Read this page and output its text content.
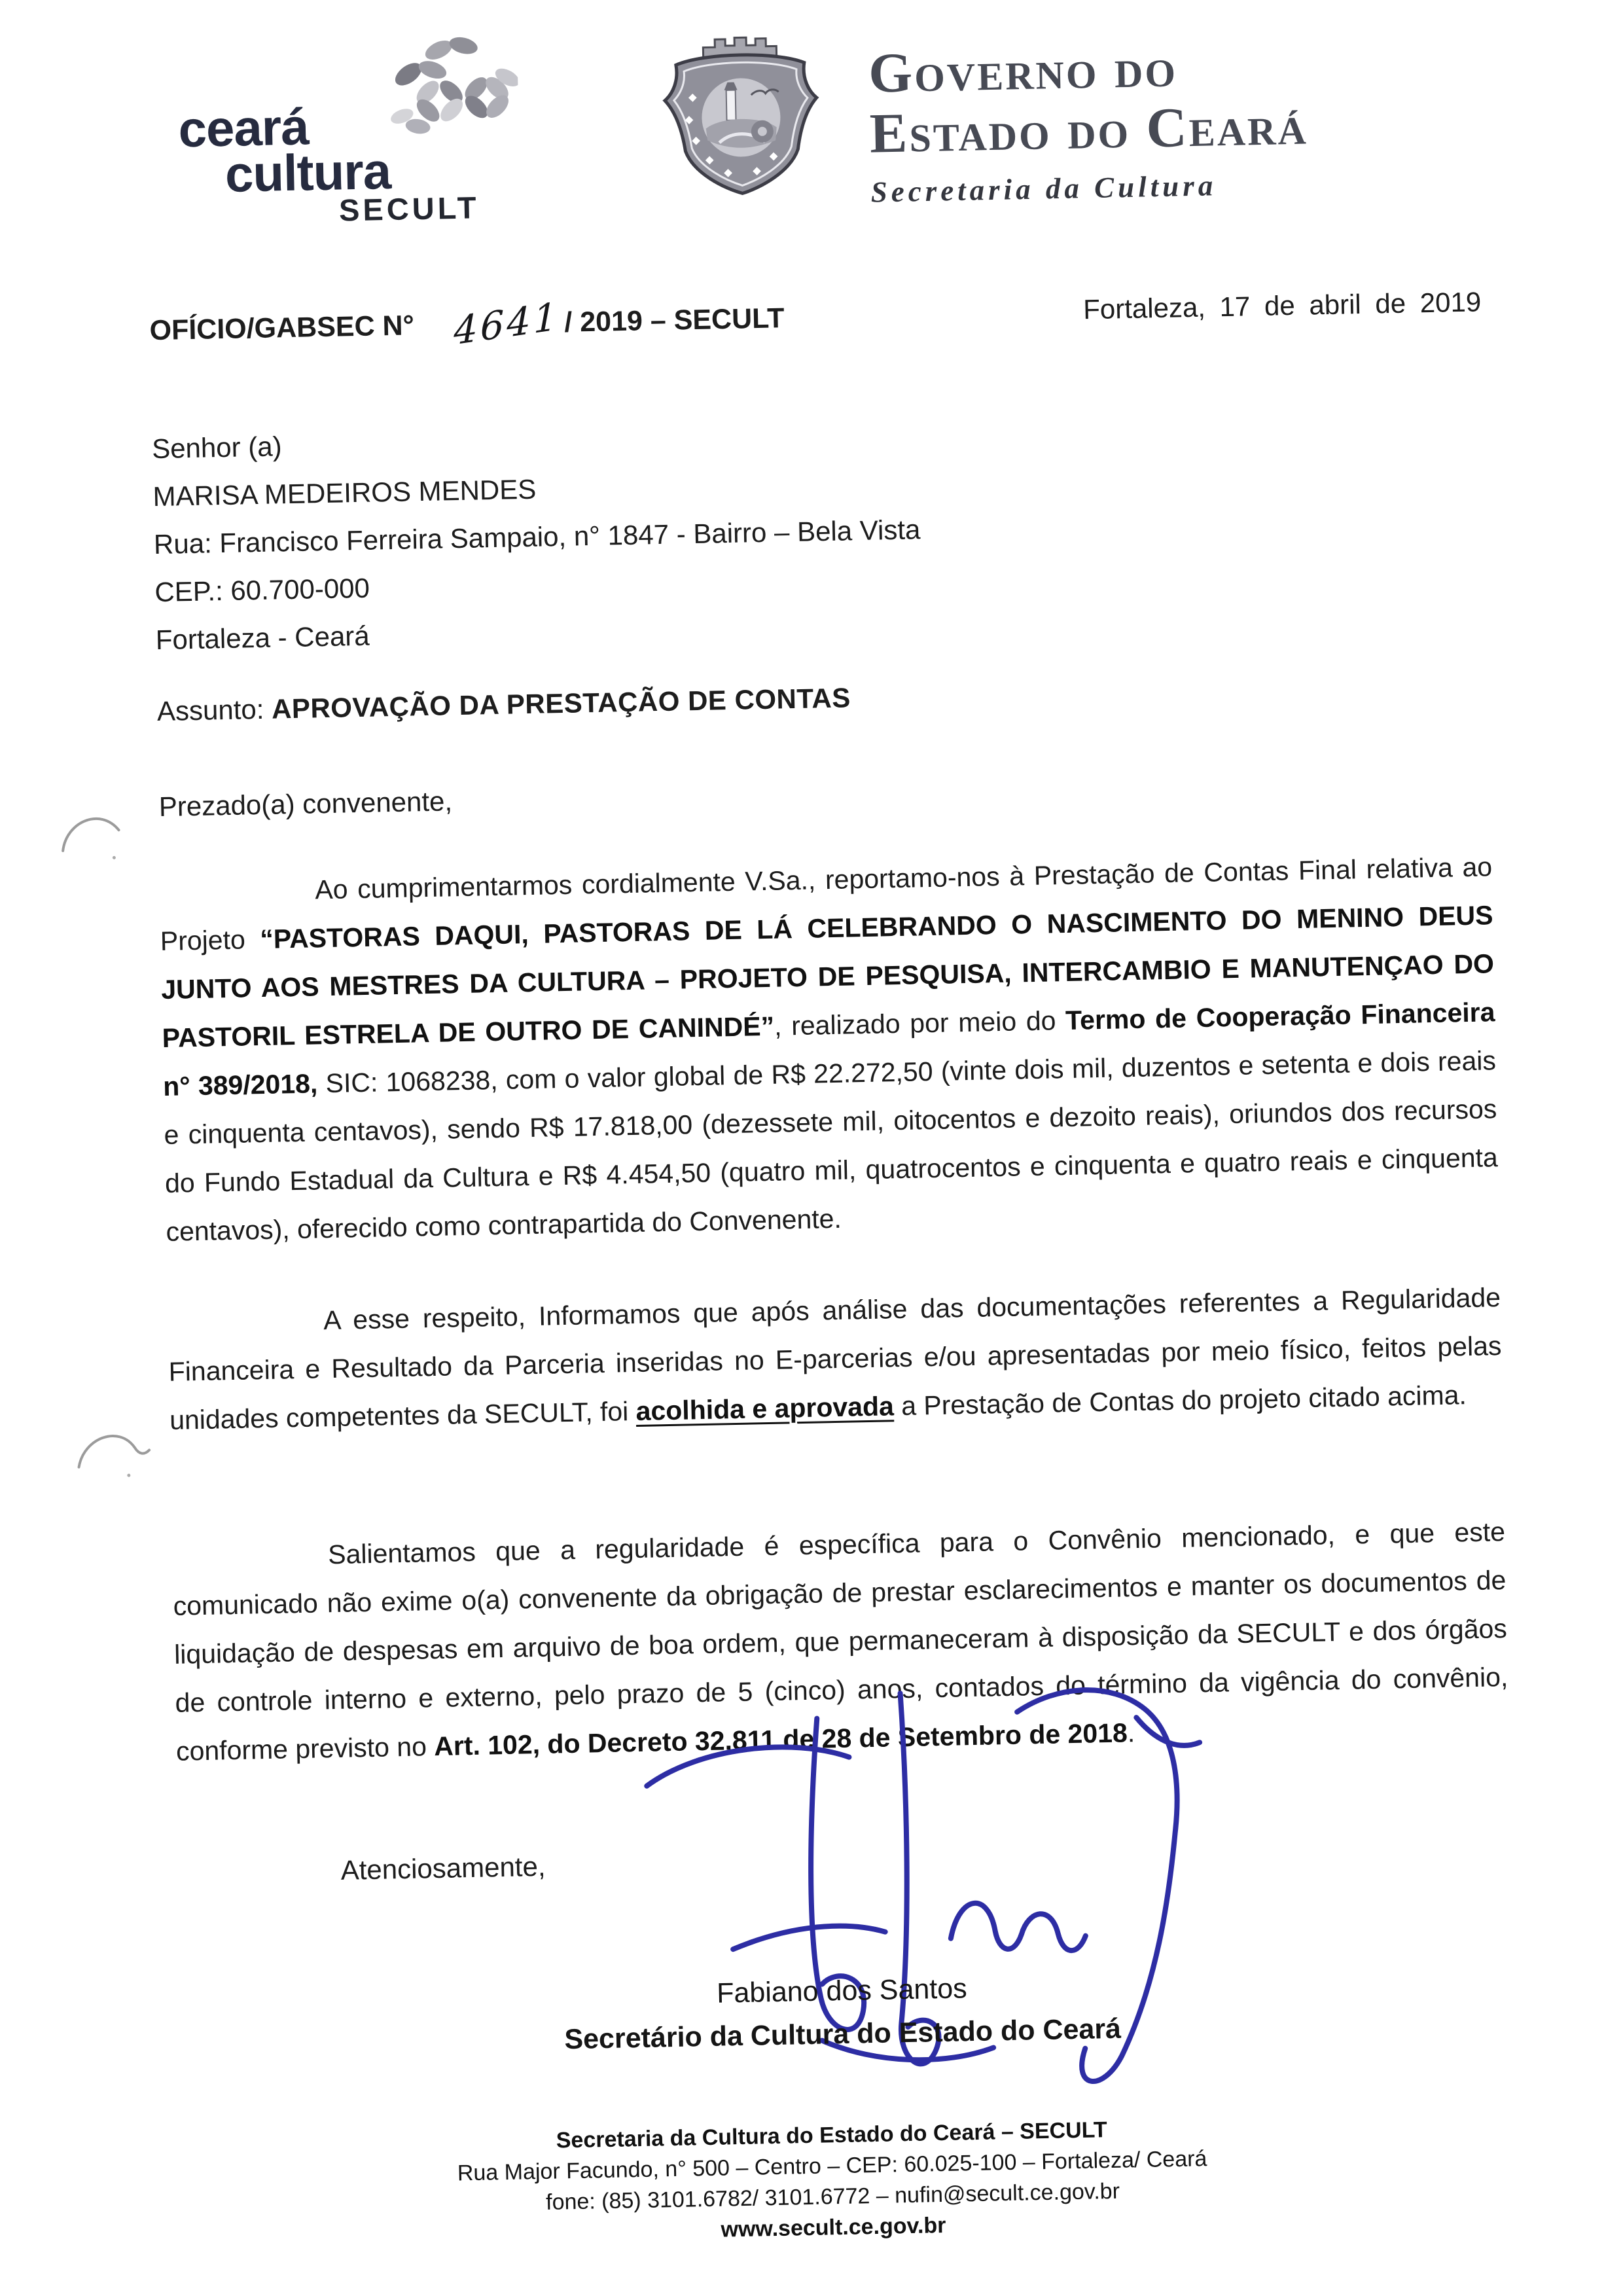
ceará
cultura
SECULT
Governo do
Estado do Ceará
Secretaria da Cultura
OFÍCIO/GABSEC N° 4641 / 2019 – SECULT	Fortaleza, 17 de abril de 2019
Senhor (a)
MARISA MEDEIROS MENDES
Rua: Francisco Ferreira Sampaio, n° 1847 - Bairro – Bela Vista
CEP.: 60.700-000
Fortaleza - Ceará
Assunto: APROVAÇÃO DA PRESTAÇÃO DE CONTAS
Prezado(a) convenente,
Ao cumprimentarmos cordialmente V.Sa., reportamo-nos à Prestação de Contas Final relativa ao Projeto “PASTORAS DAQUI, PASTORAS DE LÁ CELEBRANDO O NASCIMENTO DO MENINO DEUS JUNTO AOS MESTRES DA CULTURA – PROJETO DE PESQUISA, INTERCAMBIO E MANUTENÇAO DO PASTORIL ESTRELA DE OUTRO DE CANINDÉ”, realizado por meio do Termo de Cooperação Financeira n° 389/2018, SIC: 1068238, com o valor global de R$ 22.272,50 (vinte dois mil, duzentos e setenta e dois reais e cinquenta centavos), sendo R$ 17.818,00 (dezessete mil, oitocentos e dezoito reais), oriundos dos recursos do Fundo Estadual da Cultura e R$ 4.454,50 (quatro mil, quatrocentos e cinquenta e quatro reais e cinquenta centavos), oferecido como contrapartida do Convenente.
A esse respeito, Informamos que após análise das documentações referentes a Regularidade Financeira e Resultado da Parceria inseridas no E-parcerias e/ou apresentadas por meio físico, feitos pelas unidades competentes da SECULT, foi acolhida e aprovada a Prestação de Contas do projeto citado acima.
Salientamos que a regularidade é específica para o Convênio mencionado, e que este comunicado não exime o(a) convenente da obrigação de prestar esclarecimentos e manter os documentos de liquidação de despesas em arquivo de boa ordem, que permaneceram à disposição da SECULT e dos órgãos de controle interno e externo, pelo prazo de 5 (cinco) anos, contados do término da vigência do convênio, conforme previsto no Art. 102, do Decreto 32.811 de 28 de Setembro de 2018.
Atenciosamente,
Fabiano dos Santos
Secretário da Cultura do Estado do Ceará
Secretaria da Cultura do Estado do Ceará – SECULT
Rua Major Facundo, n° 500 – Centro – CEP: 60.025-100 – Fortaleza/ Ceará
fone: (85) 3101.6782/ 3101.6772 – nufin@secult.ce.gov.br
www.secult.ce.gov.br
